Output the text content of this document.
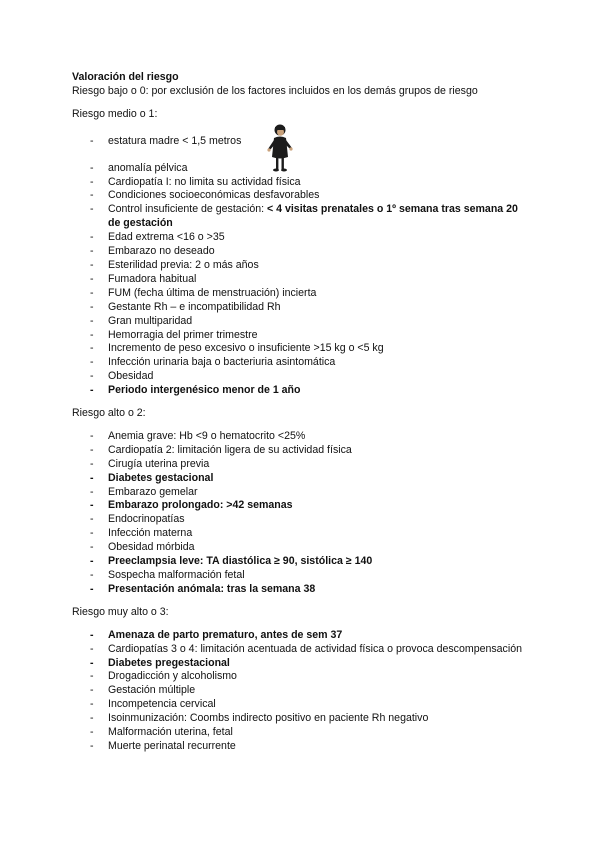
Valoración del riesgo
Riesgo bajo o 0: por exclusión de los factores incluidos en los demás grupos de riesgo
Riesgo medio o 1:
- estatura madre < 1,5 metros
- anomalía pélvica
- Cardiopatía I: no limita su actividad física
- Condiciones socioeconómicas desfavorables
- Control insuficiente de gestación: < 4 visitas prenatales o 1º semana tras semana 20 de gestación
- Edad extrema <16 o >35
- Embarazo no deseado
- Esterilidad previa: 2 o más años
- Fumadora habitual
- FUM (fecha última de menstruación) incierta
- Gestante Rh – e incompatibilidad Rh
- Gran multiparidad
- Hemorragia del primer trimestre
- Incremento de peso excesivo o insuficiente >15 kg o <5 kg
- Infección urinaria baja o bacteriuria asintomática
- Obesidad
- Periodo intergenésico menor de 1 año
Riesgo alto o 2:
- Anemia grave: Hb <9 o hematocrito <25%
- Cardiopatía 2: limitación ligera de su actividad física
- Cirugía uterina previa
- Diabetes gestacional
- Embarazo gemelar
- Embarazo prolongado: >42 semanas
- Endocrinopatías
- Infección materna
- Obesidad mórbida
- Preeclampsia leve: TA diastólica ≥ 90, sistólica ≥ 140
- Sospecha malformación fetal
- Presentación anómala: tras la semana 38
Riesgo muy alto o 3:
- Amenaza de parto prematuro, antes de sem 37
- Cardiopatías 3 o 4: limitación acentuada de actividad física o provoca descompensación
- Diabetes pregestacional
- Drogadicción y alcoholismo
- Gestación múltiple
- Incompetencia cervical
- Isoinmunización: Coombs indirecto positivo en paciente Rh negativo
- Malformación uterina, fetal
- Muerte perinatal recurrente
